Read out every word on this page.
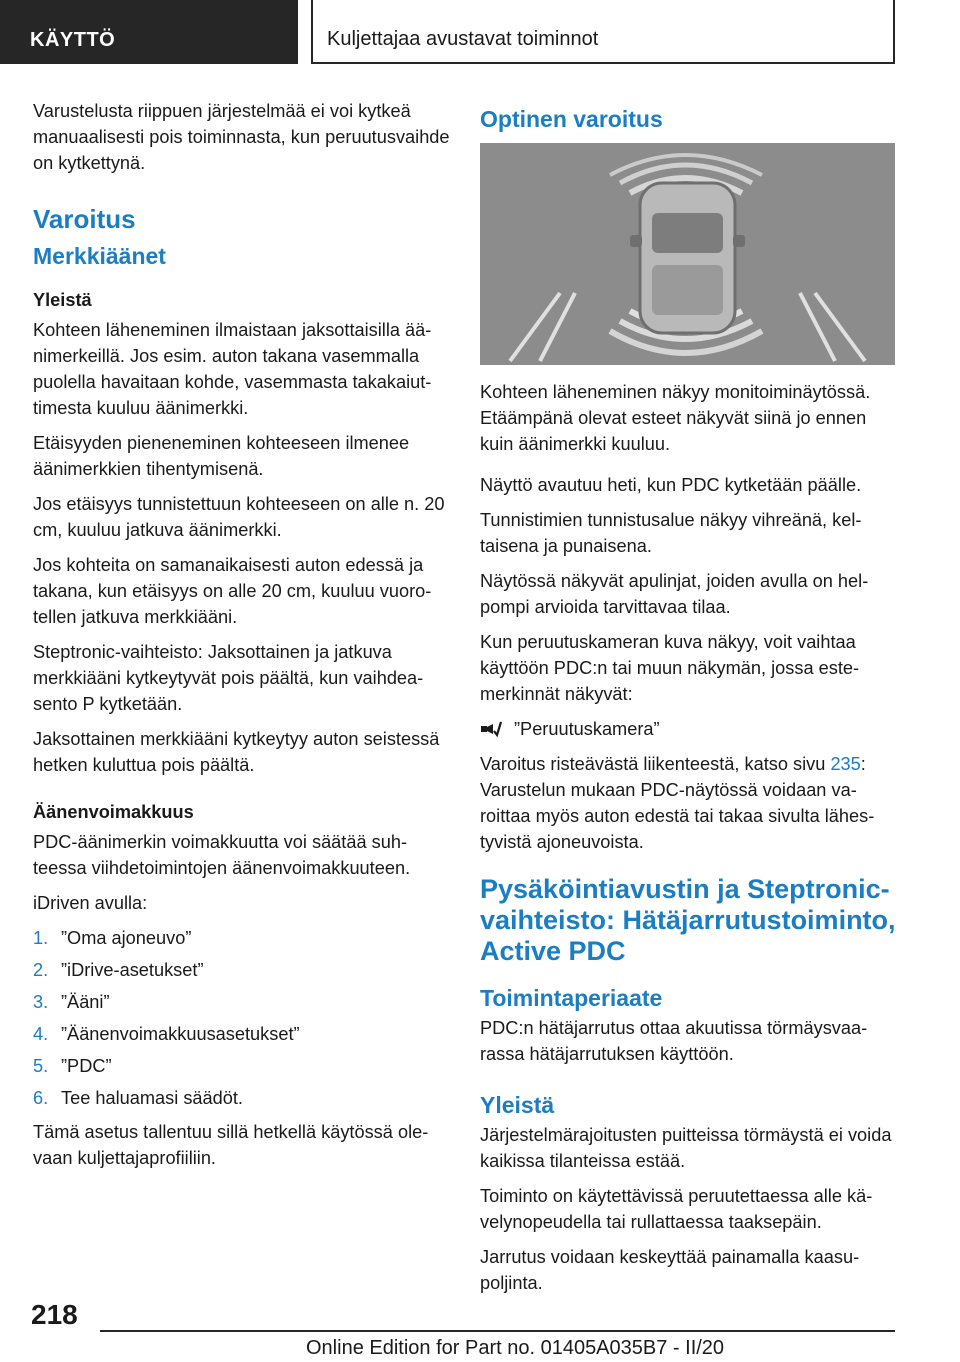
KÄYTTÖ	Kuljettajaa avustavat toiminnot

Varustelusta riippuen järjestelmää ei voi kytkeä manuaalisesti pois toiminnasta, kun peruutusvaihde on kytkettynä.

Varoitus
Merkkiäänet
Yleistä

Kohteen läheneminen ilmaistaan jaksottaisilla äänimerkeillä. Jos esim. auton takana vasemmalla puolella havaitaan kohde, vasemmasta takakaiuttimesta kuuluu äänimerkki.

Etäisyyden pieneneminen kohteeseen ilmenee äänimerkkien tihentymisenä.

Jos etäisyys tunnistettuun kohteeseen on alle n. 20 cm, kuuluu jatkuva äänimerkki.

Jos kohteita on samanaikaisesti auton edessä ja takana, kun etäisyys on alle 20 cm, kuuluu vuorotellen jatkuva merkkiääni.

Steptronic-vaihteisto: Jaksottainen ja jatkuva merkkiääni kytkeytyvät pois päältä, kun vaihdeasento P kytketään.

Jaksottainen merkkiääni kytkeytyy auton seistessä hetken kuluttua pois päältä.

Äänenvoimakkuus

PDC-äänimerkin voimakkuutta voi säätää suhteessa viihdetoimintojen äänenvoimakkuuteen.

iDriven avulla:

1. ”Oma ajoneuvo”
2. ”iDrive-asetukset”
3. ”Ääni”
4. ”Äänenvoimakkuusasetukset”
5. ”PDC”
6. Tee haluamasi säädöt.

Tämä asetus tallentuu sillä hetkellä käytössä olevaan kuljettajaprofiiliin.

Optinen varoitus

Kohteen läheneminen näkyy monitoiminäytössä. Etäämpänä olevat esteet näkyvät siinä jo ennen kuin äänimerkki kuuluu.

Näyttö avautuu heti, kun PDC kytketään päälle.

Tunnistimien tunnistusalue näkyy vihreänä, keltaisena ja punaisena.

Näytössä näkyvät apulinjat, joiden avulla on helpompi arvioida tarvittavaa tilaa.

Kun peruutuskameran kuva näkyy, voit vaihtaa käyttöön PDC:n tai muun näkymän, jossa estemerkinnät näkyvät:

”Peruutuskamera”

Varoitus risteävästä liikenteestä, katso sivu 235:

Varustelun mukaan PDC-näytössä voidaan varoittaa myös auton edestä tai takaa sivulta lähestyvistä ajoneuvoista.

Pysäköintiavustin ja Steptronic-vaihteisto: Hätäjarrutustoiminto, Active PDC
Toimintaperiaate

PDC:n hätäjarrutus ottaa akuutissa törmäysvaarassa hätäjarrutuksen käyttöön.

Yleistä

Järjestelmärajoitusten puitteissa törmäystä ei voida kaikissa tilanteissa estää.

Toiminto on käytettävissä peruutettaessa alle kävelynopeudella tai rullattaessa taaksepäin.

Jarrutus voidaan keskeyttää painamalla kaasupoljinta.

218
Online Edition for Part no. 01405A035B7 - II/20
